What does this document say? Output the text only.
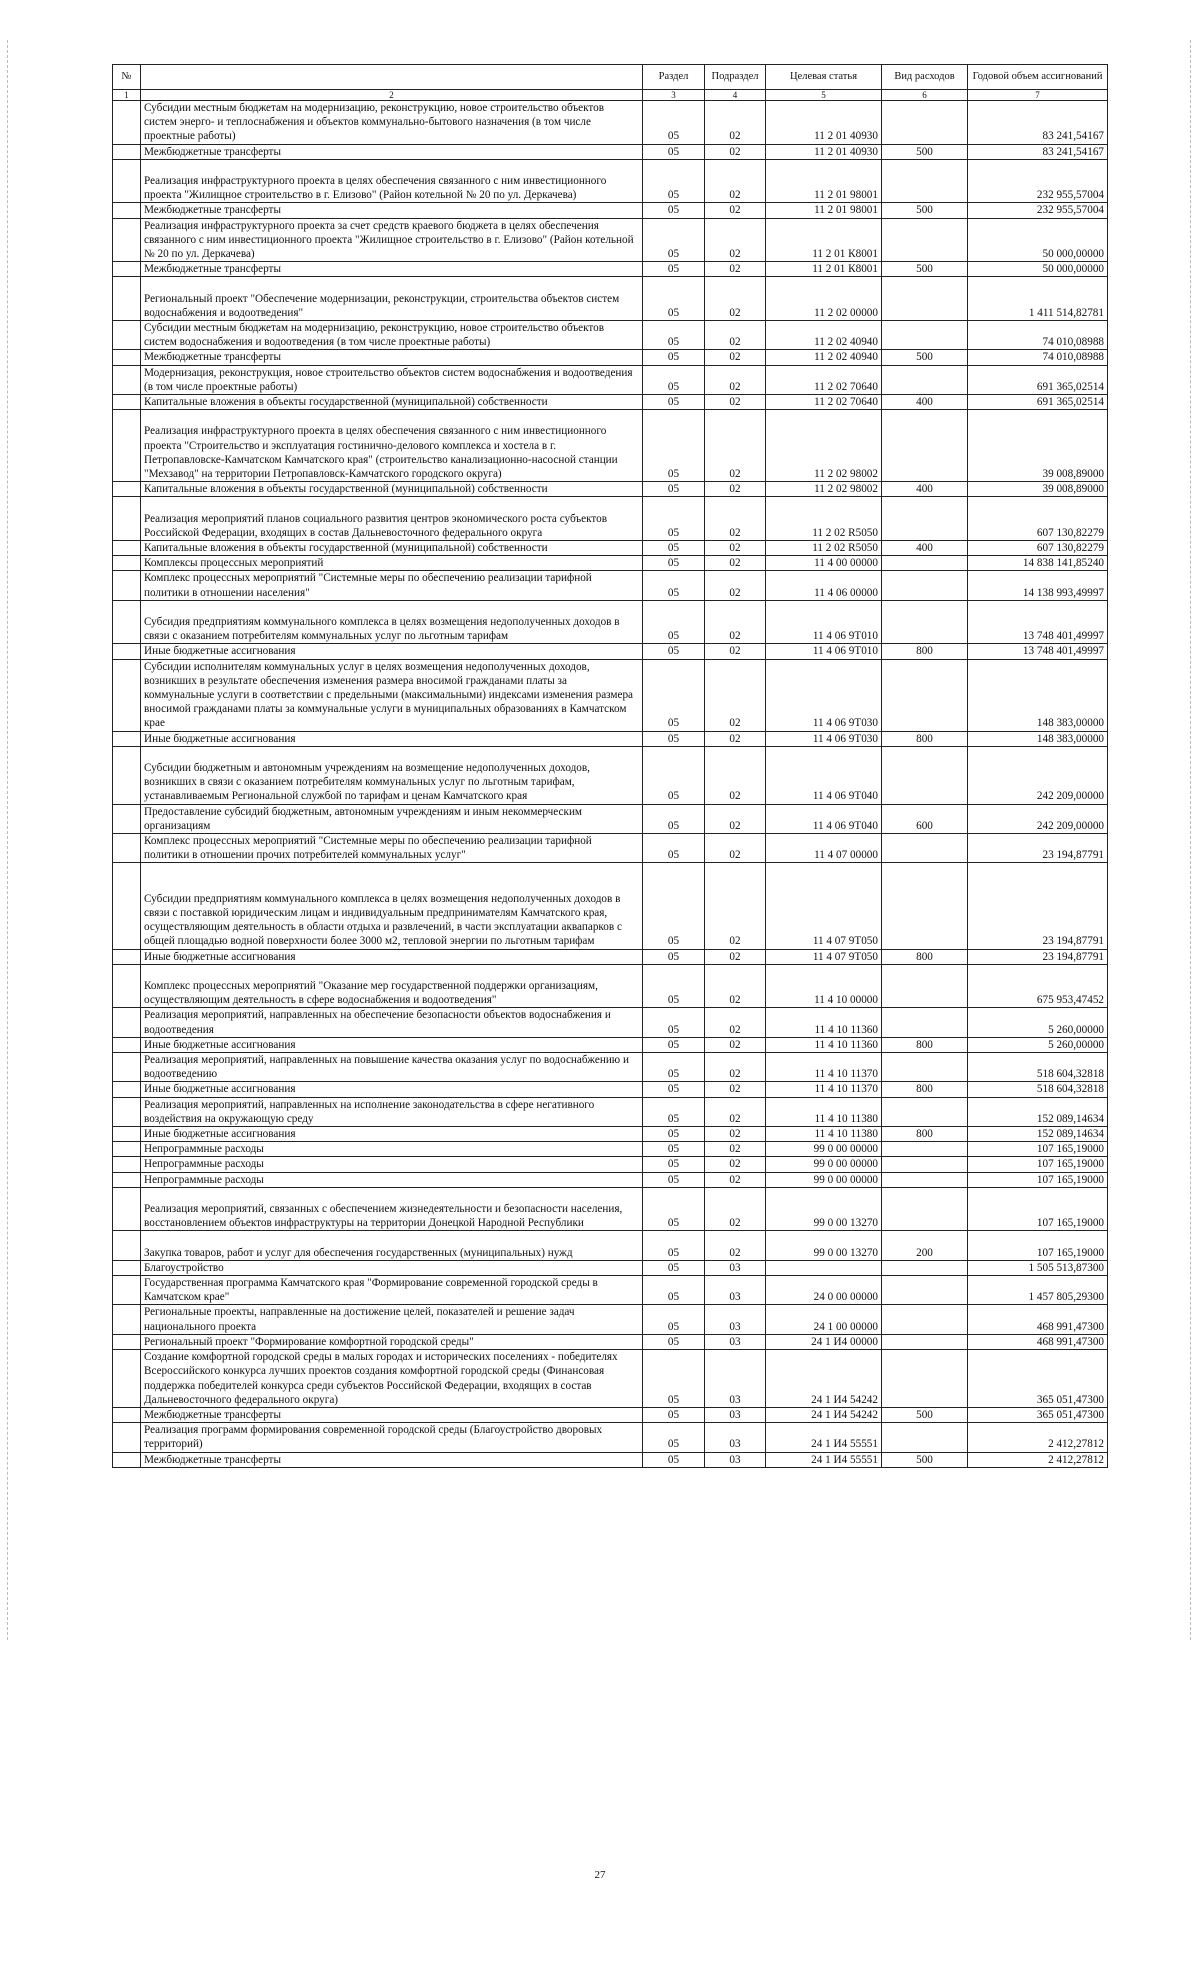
№		Раздел	Подраздел	Целевая статья	Вид расходов	Годовой объем ассигнований
1	2	3	4	5	6	7
	Субсидии местным бюджетам на модернизацию, реконструкцию, новое строительство объектов систем энерго- и теплоснабжения и объектов коммунально-бытового назначения (в том числе проектные работы)	05	02	11 2 01 40930		83 241,54167
	Межбюджетные трансферты	05	02	11 2 01 40930	500	83 241,54167
	Реализация инфраструктурного проекта в целях обеспечения связанного с ним инвестиционного проекта "Жилищное строительство в г. Елизово" (Район котельной № 20 по ул. Деркачева)	05	02	11 2 01 98001		232 955,57004
	Межбюджетные трансферты	05	02	11 2 01 98001	500	232 955,57004
	Реализация инфраструктурного проекта за счет средств краевого бюджета в целях обеспечения связанного с ним инвестиционного проекта "Жилищное строительство в г. Елизово" (Район котельной № 20 по ул. Деркачева)	05	02	11 2 01 К8001		50 000,00000
	Межбюджетные трансферты	05	02	11 2 01 К8001	500	50 000,00000
	Региональный проект "Обеспечение модернизации, реконструкции, строительства объектов систем водоснабжения и водоотведения"	05	02	11 2 02 00000		1 411 514,82781
	Субсидии местным бюджетам на модернизацию, реконструкцию, новое строительство объектов систем водоснабжения и водоотведения (в том числе проектные работы)	05	02	11 2 02 40940		74 010,08988
	Межбюджетные трансферты	05	02	11 2 02 40940	500	74 010,08988
	Модернизация, реконструкция, новое строительство объектов систем водоснабжения и водоотведения (в том числе проектные работы)	05	02	11 2 02 70640		691 365,02514
	Капитальные вложения в объекты государственной (муниципальной) собственности	05	02	11 2 02 70640	400	691 365,02514
	Реализация инфраструктурного проекта в целях обеспечения связанного с ним инвестиционного проекта "Строительство и эксплуатация гостинично-делового комплекса и хостела в г. Петропавловске-Камчатском Камчатского края" (строительство канализационно-насосной станции "Мехзавод" на территории Петропавловск-Камчатского городского округа)	05	02	11 2 02 98002		39 008,89000
	Капитальные вложения в объекты государственной (муниципальной) собственности	05	02	11 2 02 98002	400	39 008,89000
	Реализация мероприятий планов социального развития центров экономического роста субъектов Российской Федерации, входящих в состав Дальневосточного федерального округа	05	02	11 2 02 R5050		607 130,82279
	Капитальные вложения в объекты государственной (муниципальной) собственности	05	02	11 2 02 R5050	400	607 130,82279
	Комплексы процессных мероприятий	05	02	11 4 00 00000		14 838 141,85240
	Комплекс процессных мероприятий "Системные меры по обеспечению реализации тарифной политики в отношении населения"	05	02	11 4 06 00000		14 138 993,49997
	Субсидия предприятиям коммунального комплекса в целях возмещения недополученных доходов в связи с оказанием потребителям коммунальных услуг по льготным тарифам	05	02	11 4 06 9Т010		13 748 401,49997
	Иные бюджетные ассигнования	05	02	11 4 06 9Т010	800	13 748 401,49997
	Субсидии исполнителям коммунальных услуг в целях возмещения недополученных доходов, возникших в результате обеспечения изменения размера вносимой гражданами платы за коммунальные услуги в соответствии с предельными (максимальными) индексами изменения размера вносимой гражданами платы за коммунальные услуги в муниципальных образованиях в Камчатском крае	05	02	11 4 06 9Т030		148 383,00000
	Иные бюджетные ассигнования	05	02	11 4 06 9Т030	800	148 383,00000
	Субсидии бюджетным и автономным учреждениям на возмещение недополученных доходов, возникших в связи с оказанием потребителям коммунальных услуг по льготным тарифам, устанавливаемым Региональной службой по тарифам и ценам Камчатского края	05	02	11 4 06 9Т040		242 209,00000
	Предоставление субсидий бюджетным, автономным учреждениям и иным некоммерческим организациям	05	02	11 4 06 9Т040	600	242 209,00000
	Комплекс процессных мероприятий "Системные меры по обеспечению реализации тарифной политики в отношении прочих потребителей коммунальных услуг"	05	02	11 4 07 00000		23 194,87791
	Субсидии предприятиям коммунального комплекса в целях возмещения недополученных доходов в связи с поставкой юридическим лицам и индивидуальным предпринимателям Камчатского края, осуществляющим деятельность в области отдыха и развлечений, в части эксплуатации аквапарков с общей площадью водной поверхности более 3000 м2, тепловой энергии по льготным тарифам	05	02	11 4 07 9Т050		23 194,87791
	Иные бюджетные ассигнования	05	02	11 4 07 9Т050	800	23 194,87791
	Комплекс процессных мероприятий "Оказание мер государственной поддержки организациям, осуществляющим деятельность в сфере водоснабжения и водоотведения"	05	02	11 4 10 00000		675 953,47452
	Реализация мероприятий, направленных на обеспечение безопасности объектов водоснабжения и водоотведения	05	02	11 4 10 11360		5 260,00000
	Иные бюджетные ассигнования	05	02	11 4 10 11360	800	5 260,00000
	Реализация мероприятий, направленных на повышение качества оказания услуг по водоснабжению и водоотведению	05	02	11 4 10 11370		518 604,32818
	Иные бюджетные ассигнования	05	02	11 4 10 11370	800	518 604,32818
	Реализация мероприятий, направленных на исполнение законодательства в сфере негативного воздействия на окружающую среду	05	02	11 4 10 11380		152 089,14634
	Иные бюджетные ассигнования	05	02	11 4 10 11380	800	152 089,14634
	Непрограммные расходы	05	02	99 0 00 00000		107 165,19000
	Непрограммные расходы	05	02	99 0 00 00000		107 165,19000
	Непрограммные расходы	05	02	99 0 00 00000		107 165,19000
	Реализация мероприятий, связанных с обеспечением жизнедеятельности и безопасности населения, восстановлением объектов инфраструктуры на территории Донецкой Народной Республики	05	02	99 0 00 13270		107 165,19000
	Закупка товаров, работ и услуг для обеспечения государственных (муниципальных) нужд	05	02	99 0 00 13270	200	107 165,19000
	Благоустройство	05	03			1 505 513,87300
	Государственная программа Камчатского края "Формирование современной городской среды в Камчатском крае"	05	03	24 0 00 00000		1 457 805,29300
	Региональные проекты, направленные на достижение целей, показателей и решение задач национального проекта	05	03	24 1 00 00000		468 991,47300
	Региональный проект "Формирование комфортной городской среды"	05	03	24 1 И4 00000		468 991,47300
	Создание комфортной городской среды в малых городах и исторических поселениях - победителях Всероссийского конкурса лучших проектов создания комфортной городской среды (Финансовая поддержка победителей конкурса среди субъектов Российской Федерации, входящих в состав Дальневосточного федерального округа)	05	03	24 1 И4 54242		365 051,47300
	Межбюджетные трансферты	05	03	24 1 И4 54242	500	365 051,47300
	Реализация программ формирования современной городской среды (Благоустройство дворовых территорий)	05	03	24 1 И4 55551		2 412,27812
	Межбюджетные трансферты	05	03	24 1 И4 55551	500	2 412,27812
27
